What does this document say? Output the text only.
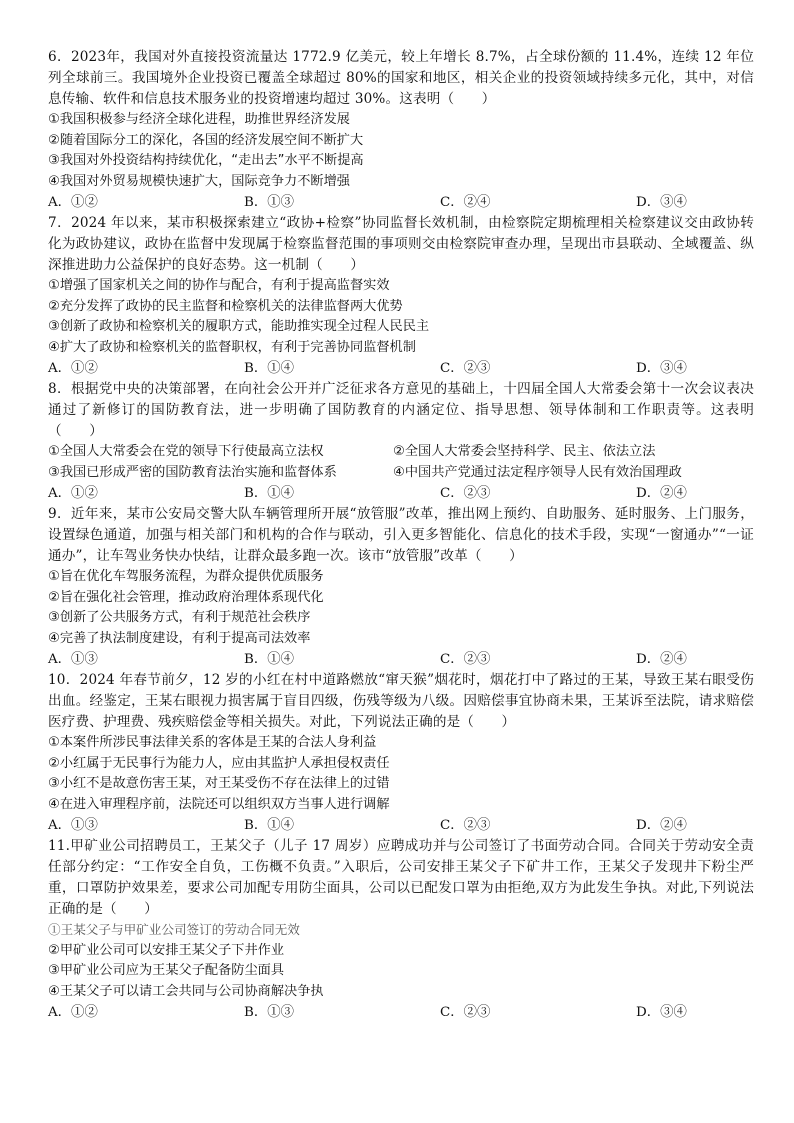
6．2023年，我国对外直接投资流量达 1772.9 亿美元，较上年增长 8.7%，占全球份额的 11.4%，连续 12 年位列全球前三。我国境外企业投资已覆盖全球超过 80%的国家和地区，相关企业的投资领域持续多元化，其中，对信息传输、软件和信息技术服务业的投资增速均超过 30%。这表明（　　）

①我国积极参与经济全球化进程，助推世界经济发展

②随着国际分工的深化，各国的经济发展空间不断扩大

③我国对外投资结构持续优化，“走出去”水平不断提高

④我国对外贸易规模快速扩大，国际竞争力不断增强

A．①②	B．①③	C．②④	D．③④

7．2024 年以来，某市积极探索建立“政协+检察”协同监督长效机制，由检察院定期梳理相关检察建议交由政协转化为政协建议，政协在监督中发现属于检察监督范围的事项则交由检察院审查办理，呈现出市县联动、全域覆盖、纵深推进助力公益保护的良好态势。这一机制（　　）

①增强了国家机关之间的协作与配合，有利于提高监督实效

②充分发挥了政协的民主监督和检察机关的法律监督两大优势

③创新了政协和检察机关的履职方式，能助推实现全过程人民民主

④扩大了政协和检察机关的监督职权，有利于完善协同监督机制

A．①②	B．①④	C．②③	D．③④

8．根据党中央的决策部署，在向社会公开并广泛征求各方意见的基础上，十四届全国人大常委会第十一次会议表决通过了新修订的国防教育法，进一步明确了国防教育的内涵定位、指导思想、领导体制和工作职责等。这表明（　　）

①全国人大常委会在党的领导下行使最高立法权	②全国人大常委会坚持科学、民主、依法立法

③我国已形成严密的国防教育法治实施和监督体系	④中国共产党通过法定程序领导人民有效治国理政

A．①②	B．①④	C．②③	D．②④

9．近年来，某市公安局交警大队车辆管理所开展“放管服”改革，推出网上预约、自助服务、延时服务、上门服务，设置绿色通道，加强与相关部门和机构的合作与联动，引入更多智能化、信息化的技术手段，实现“一窗通办”“一证通办”，让车驾业务快办快结，让群众最多跑一次。该市“放管服”改革（　　）

①旨在优化车驾服务流程，为群众提供优质服务

②旨在强化社会管理，推动政府治理体系现代化

③创新了公共服务方式，有利于规范社会秩序

④完善了执法制度建设，有利于提高司法效率

A．①③	B．①④	C．②③	D．②④

10．2024 年春节前夕，12 岁的小红在村中道路燃放“窜天猴”烟花时，烟花打中了路过的王某，导致王某右眼受伤出血。经鉴定，王某右眼视力损害属于盲目四级，伤残等级为八级。因赔偿事宜协商未果，王某诉至法院，请求赔偿医疗费、护理费、残疾赔偿金等相关损失。对此，下列说法正确的是（　　）

①本案件所涉民事法律关系的客体是王某的合法人身利益

②小红属于无民事行为能力人，应由其监护人承担侵权责任

③小红不是故意伤害王某，对王某受伤不存在法律上的过错

④在进入审理程序前，法院还可以组织双方当事人进行调解

A．①③	B．①④	C．②③	D．②④

11.甲矿业公司招聘员工，王某父子（儿子 17 周岁）应聘成功并与公司签订了书面劳动合同。合同关于劳动安全责任部分约定：“工作安全自负，工伤概不负责。”入职后，公司安排王某父子下矿井工作，王某父子发现井下粉尘严重，口罩防护效果差，要求公司加配专用防尘面具，公司以已配发口罩为由拒绝,双方为此发生争执。对此,下列说法正确的是（　　）

①王某父子与甲矿业公司签订的劳动合同无效

②甲矿业公司可以安排王某父子下井作业

③甲矿业公司应为王某父子配备防尘面具

④王某父子可以请工会共同与公司协商解决争执

A．①②	B．①③	C．②③	D．③④
